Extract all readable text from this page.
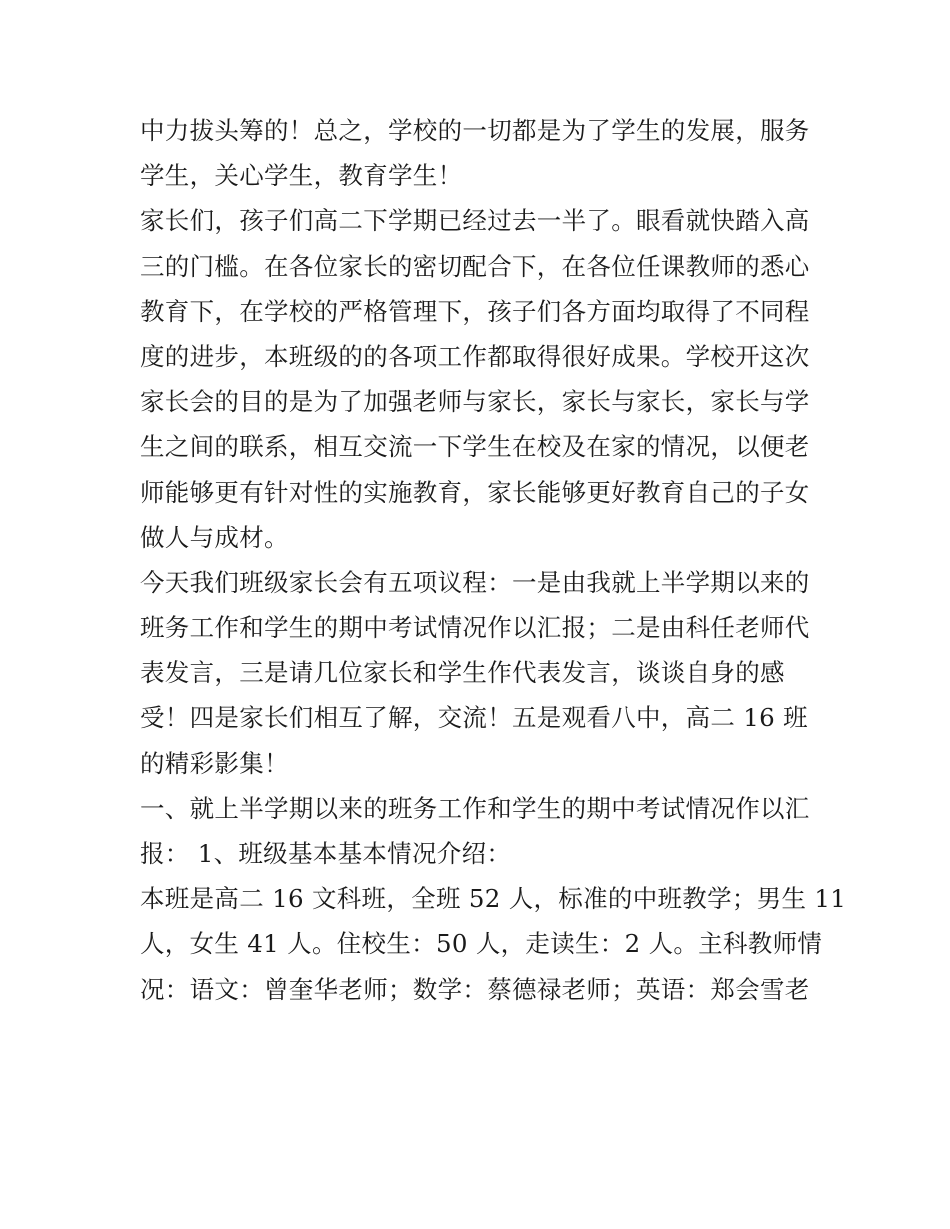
中力拔头筹的！总之，学校的一切都是为了学生的发展，服务
学生，关心学生，教育学生！
家长们，孩子们高二下学期已经过去一半了。眼看就快踏入高
三的门槛。在各位家长的密切配合下，在各位任课教师的悉心
教育下，在学校的严格管理下，孩子们各方面均取得了不同程
度的进步，本班级的的各项工作都取得很好成果。学校开这次
家长会的目的是为了加强老师与家长，家长与家长，家长与学
生之间的联系，相互交流一下学生在校及在家的情况，以便老
师能够更有针对性的实施教育，家长能够更好教育自己的子女
做人与成材。
今天我们班级家长会有五项议程：一是由我就上半学期以来的
班务工作和学生的期中考试情况作以汇报；二是由科任老师代
表发言，三是请几位家长和学生作代表发言，谈谈自身的感
受！四是家长们相互了解，交流！五是观看八中，高二 16 班
的精彩影集！
一、就上半学期以来的班务工作和学生的期中考试情况作以汇
报： 1、班级基本基本情况介绍：
本班是高二 16 文科班，全班 52 人，标准的中班教学；男生 11
人，女生 41 人。住校生：50 人，走读生：2 人。主科教师情
况：语文：曾奎华老师；数学：蔡德禄老师；英语：郑会雪老
